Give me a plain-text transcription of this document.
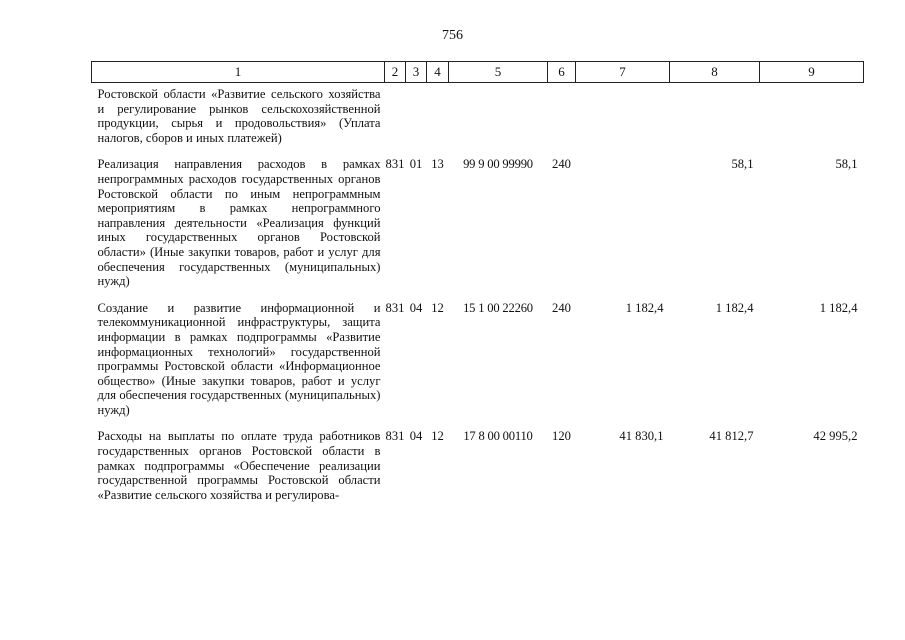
756
1	2	3	4	5	6	7	8	9
Ростовской области «Развитие сельского хозяйства и регулирование рынков сельскохозяйственной продукции, сырья и продовольствия» (Уплата налогов, сборов и иных платежей)								
Реализация направления расходов в рамках непрограммных расходов государственных органов Ростовской области по иным непрограммным мероприятиям в рамках непрограммного направления деятельности «Реализация функций иных государственных органов Ростовской области» (Иные закупки товаров, работ и услуг для обеспечения государственных (муниципальных) нужд)	831	01	13	99 9 00 99990	240		58,1	58,1
Создание и развитие информационной и телекоммуникационной инфраструктуры, защита информации в рамках подпрограммы «Развитие информационных технологий» государственной программы Ростовской области «Информационное общество» (Иные закупки товаров, работ и услуг для обеспечения государственных (муниципальных) нужд)	831	04	12	15 1 00 22260	240	1 182,4	1 182,4	1 182,4
Расходы на выплаты по оплате труда работников государственных органов Ростовской области в рамках подпрограммы «Обеспечение реализации государственной программы Ростовской области «Развитие сельского хозяйства и регулирова-	831	04	12	17 8 00 00110	120	41 830,1	41 812,7	42 995,2
